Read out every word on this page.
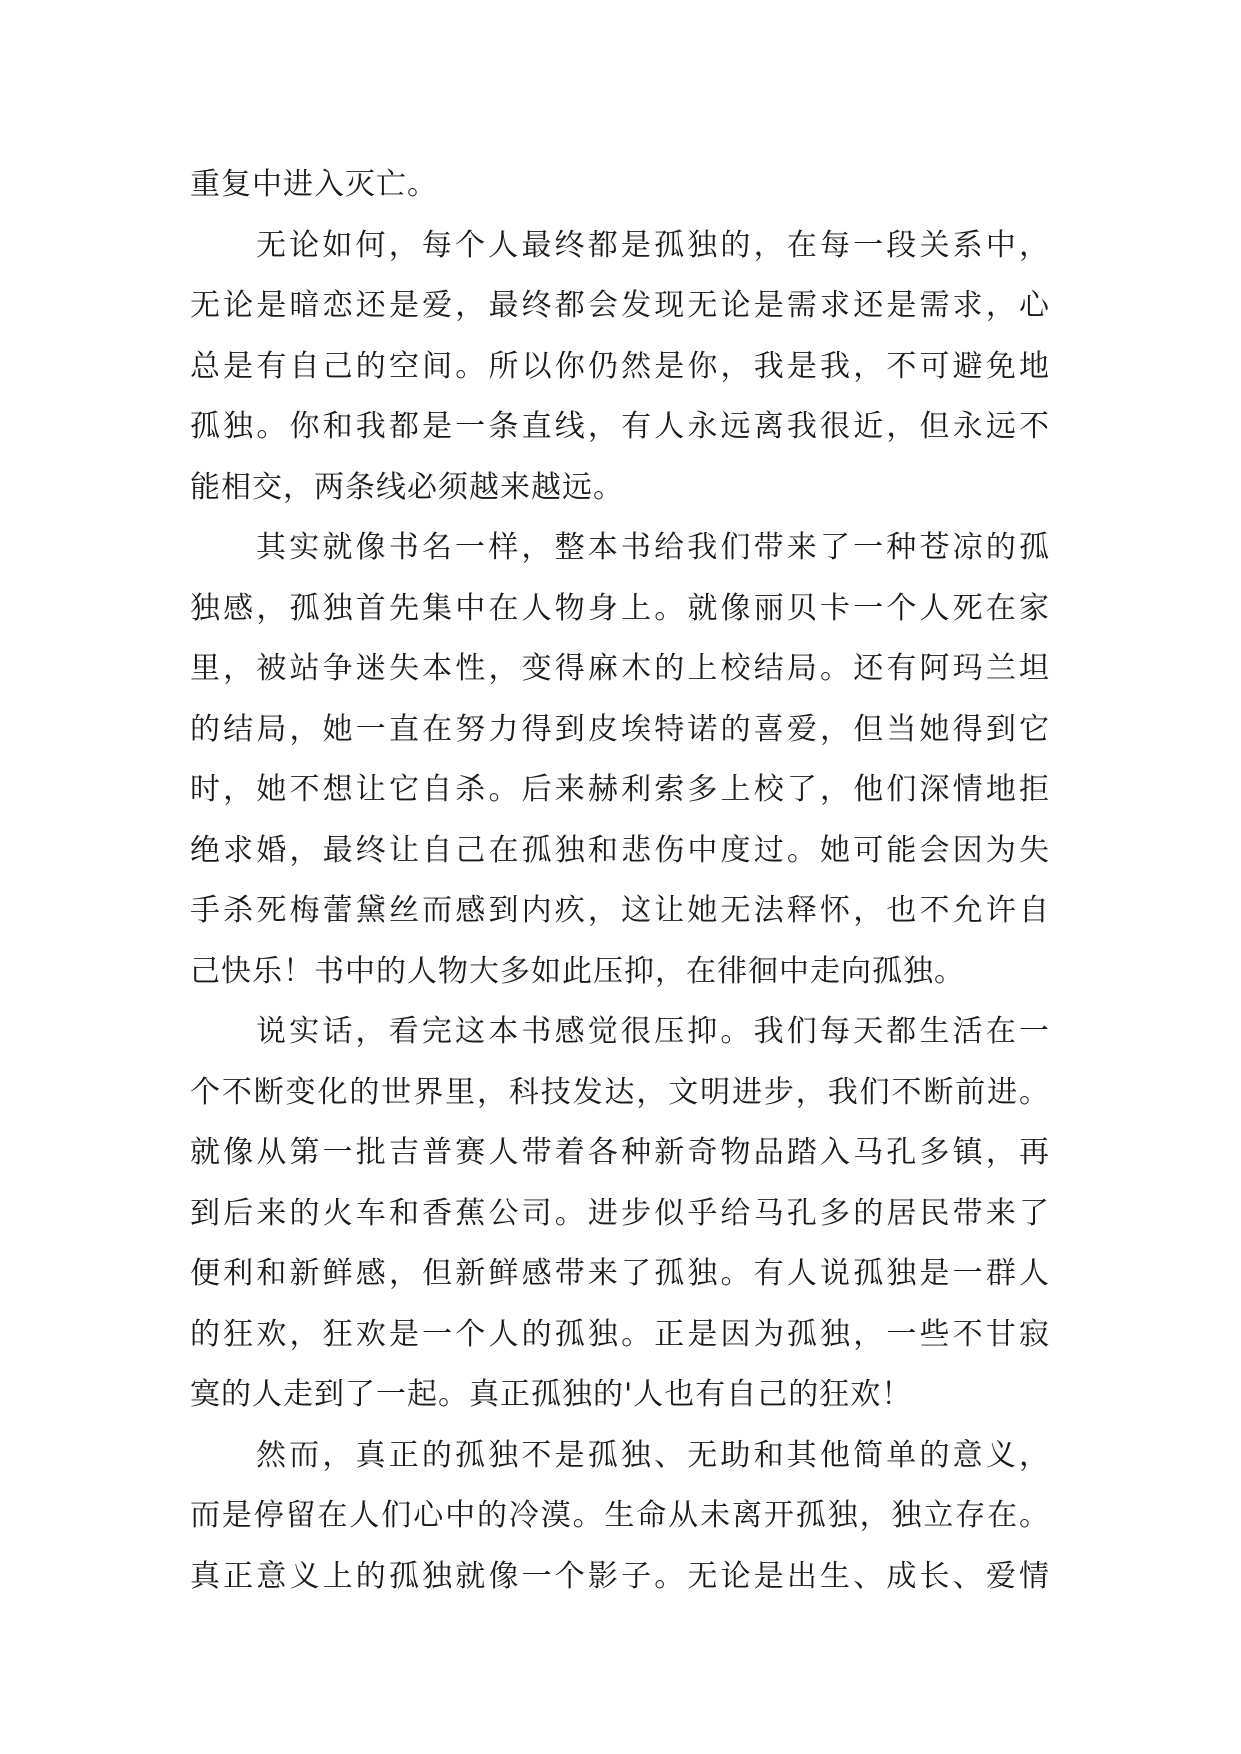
重复中进入灭亡。
无论如何，每个人最终都是孤独的，在每一段关系中，
无论是暗恋还是爱，最终都会发现无论是需求还是需求，心
总是有自己的空间。所以你仍然是你，我是我，不可避免地
孤独。你和我都是一条直线，有人永远离我很近，但永远不
能相交，两条线必须越来越远。
其实就像书名一样，整本书给我们带来了一种苍凉的孤
独感，孤独首先集中在人物身上。就像丽贝卡一个人死在家
里，被站争迷失本性，变得麻木的上校结局。还有阿玛兰坦
的结局，她一直在努力得到皮埃特诺的喜爱，但当她得到它
时，她不想让它自杀。后来赫利索多上校了，他们深情地拒
绝求婚，最终让自己在孤独和悲伤中度过。她可能会因为失
手杀死梅蕾黛丝而感到内疚，这让她无法释怀，也不允许自
己快乐！书中的人物大多如此压抑，在徘徊中走向孤独。
说实话，看完这本书感觉很压抑。我们每天都生活在一
个不断变化的世界里，科技发达，文明进步，我们不断前进。
就像从第一批吉普赛人带着各种新奇物品踏入马孔多镇，再
到后来的火车和香蕉公司。进步似乎给马孔多的居民带来了
便利和新鲜感，但新鲜感带来了孤独。有人说孤独是一群人
的狂欢，狂欢是一个人的孤独。正是因为孤独，一些不甘寂
寞的人走到了一起。真正孤独的'人也有自己的狂欢！
然而，真正的孤独不是孤独、无助和其他简单的意义，
而是停留在人们心中的冷漠。生命从未离开孤独，独立存在。
真正意义上的孤独就像一个影子。无论是出生、成长、爱情
